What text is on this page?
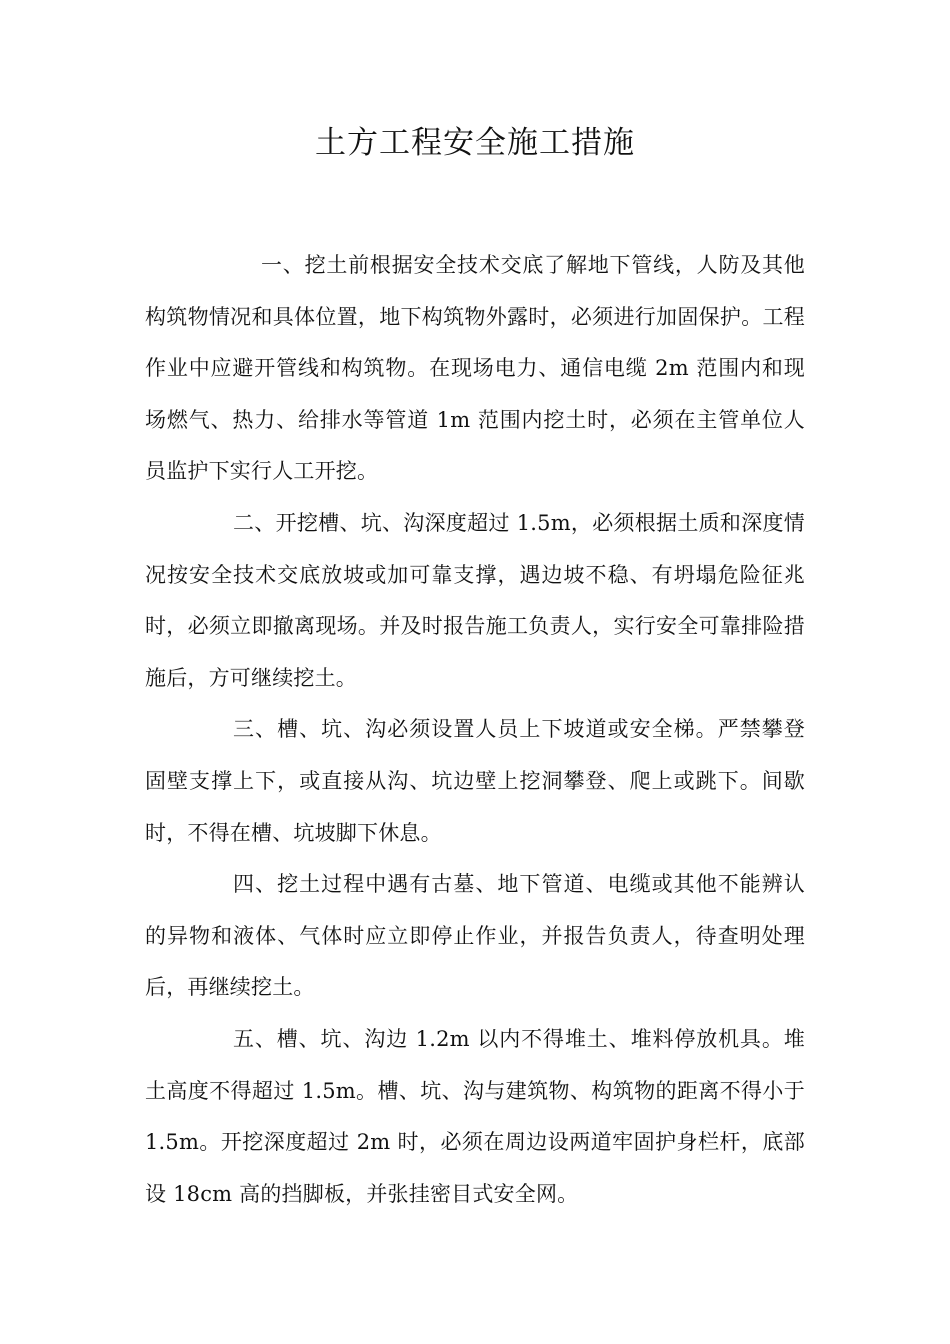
土方工程安全施工措施

一、挖土前根据安全技术交底了解地下管线，人防及其他构筑物情况和具体位置，地下构筑物外露时，必须进行加固保护。工程作业中应避开管线和构筑物。在现场电力、通信电缆 2m 范围内和现场燃气、热力、给排水等管道 1m 范围内挖土时，必须在主管单位人员监护下实行人工开挖。

二、开挖槽、坑、沟深度超过 1.5m，必须根据土质和深度情况按安全技术交底放坡或加可靠支撑，遇边坡不稳、有坍塌危险征兆时，必须立即撤离现场。并及时报告施工负责人，实行安全可靠排险措施后，方可继续挖土。

三、槽、坑、沟必须设置人员上下坡道或安全梯。严禁攀登固壁支撑上下，或直接从沟、坑边壁上挖洞攀登、爬上或跳下。间歇时，不得在槽、坑坡脚下休息。

四、挖土过程中遇有古墓、地下管道、电缆或其他不能辨认的异物和液体、气体时应立即停止作业，并报告负责人，待查明处理后，再继续挖土。

五、槽、坑、沟边 1.2m 以内不得堆土、堆料停放机具。堆土高度不得超过 1.5m。槽、坑、沟与建筑物、构筑物的距离不得小于 1.5m。开挖深度超过 2m 时，必须在周边设两道牢固护身栏杆，底部设 18cm 高的挡脚板，并张挂密目式安全网。
